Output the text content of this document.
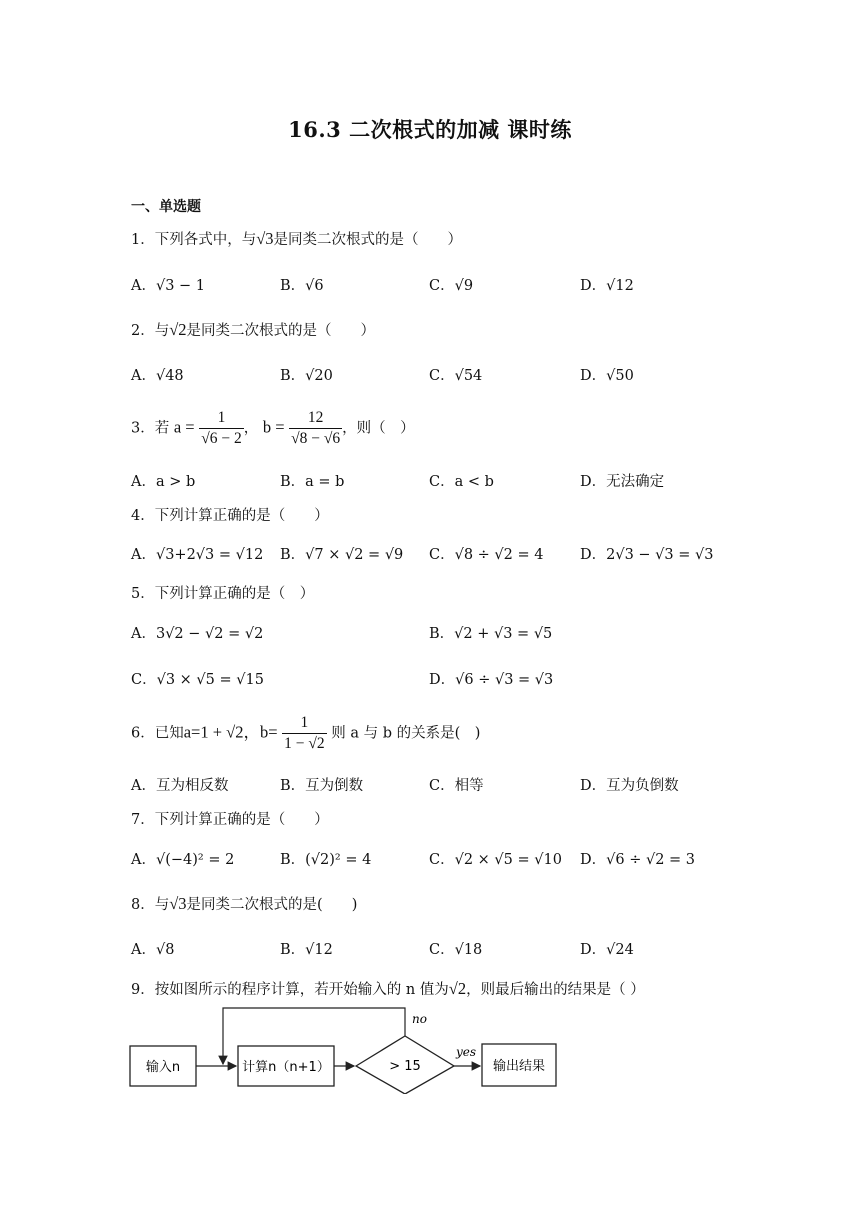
16.3 二次根式的加减 课时练
一、单选题
1．下列各式中，与√3是同类二次根式的是（　　）
A．√3 − 1	B．√6	C．√9	D．√12
2．与√2是同类二次根式的是（　　）
A．√48	B．√20	C．√54	D．√50
3．若 $a = \frac{1}{√6 - 2}$ ， $b = \frac{12}{√8 - √6}$ ，则（　）
A．a > b	B．a = b	C．a < b	D．无法确定
4．下列计算正确的是（　　）
A．√3+2√3 = √12 B．√7 × √2 = √9 C．√8 ÷ √2 = 4	D．2√3 − √3 = √3
5．下列计算正确的是（　）
A．3√2 − √2 = √2	B．√2 + √3 = √5
C．√3 × √5 = √15	D．√6 ÷ √3 = √3
6．已知a=1 + √2，$b= \frac{1}{1 - √2}$ 则 a 与 b 的关系是(　)
A．互为相反数	B．互为倒数	C．相等	D．互为负倒数
7．下列计算正确的是（　　）
A．√(−4)² = 2	B．(√2)² = 4	C．√2 × √5 = √10 D．√6 ÷ √2 = 3
8．与√3是同类二次根式的是(　　)
A．√8	B．√12	C．√18	D．√24
9．按如图所示的程序计算，若开始输入的 n 值为√2，则最后输出的结果是（ ）
输入n	计算n（n+1）	> 15
yes
输出结果
no
